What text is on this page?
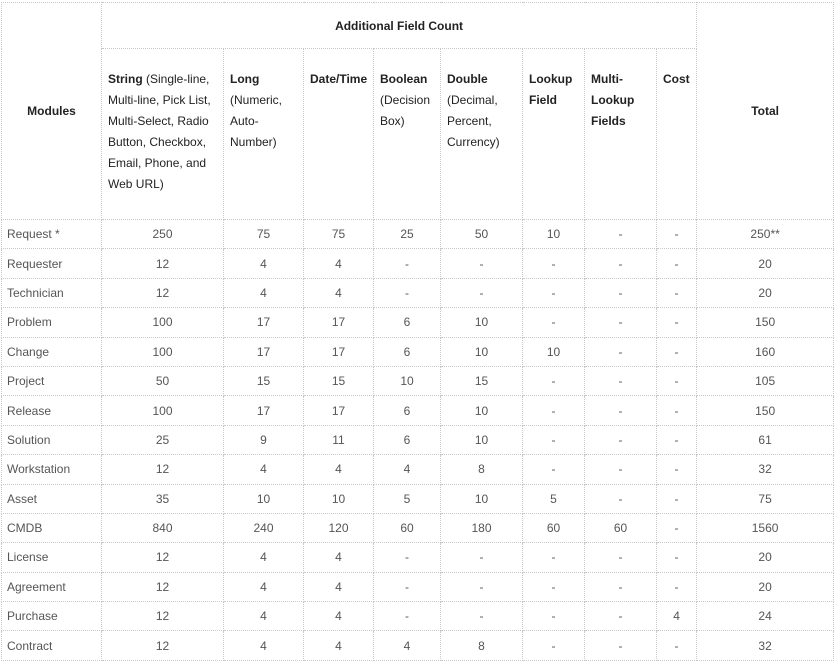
Modules	Additional Field Count								Total
	String (Single-line, Multi-line, Pick List, Multi-Select, Radio Button, Checkbox, Email, Phone, and Web URL)	Long (Numeric, Auto-Number)	Date/Time	Boolean (Decision Box)	Double (Decimal, Percent, Currency)	Lookup Field	Multi-Lookup Fields	Cost	
Request *	250	75	75	25	50	10	-	-	250**
Requester	12	4	4	-	-	-	-	-	20
Technician	12	4	4	-	-	-	-	-	20
Problem	100	17	17	6	10	-	-	-	150
Change	100	17	17	6	10	10	-	-	160
Project	50	15	15	10	15	-	-	-	105
Release	100	17	17	6	10	-	-	-	150
Solution	25	9	11	6	10	-	-	-	61
Workstation	12	4	4	4	8	-	-	-	32
Asset	35	10	10	5	10	5	-	-	75
CMDB	840	240	120	60	180	60	60	-	1560
License	12	4	4	-	-	-	-	-	20
Agreement	12	4	4	-	-	-	-	-	20
Purchase	12	4	4	-	-	-	-	4	24
Contract	12	4	4	4	8	-	-	-	32
